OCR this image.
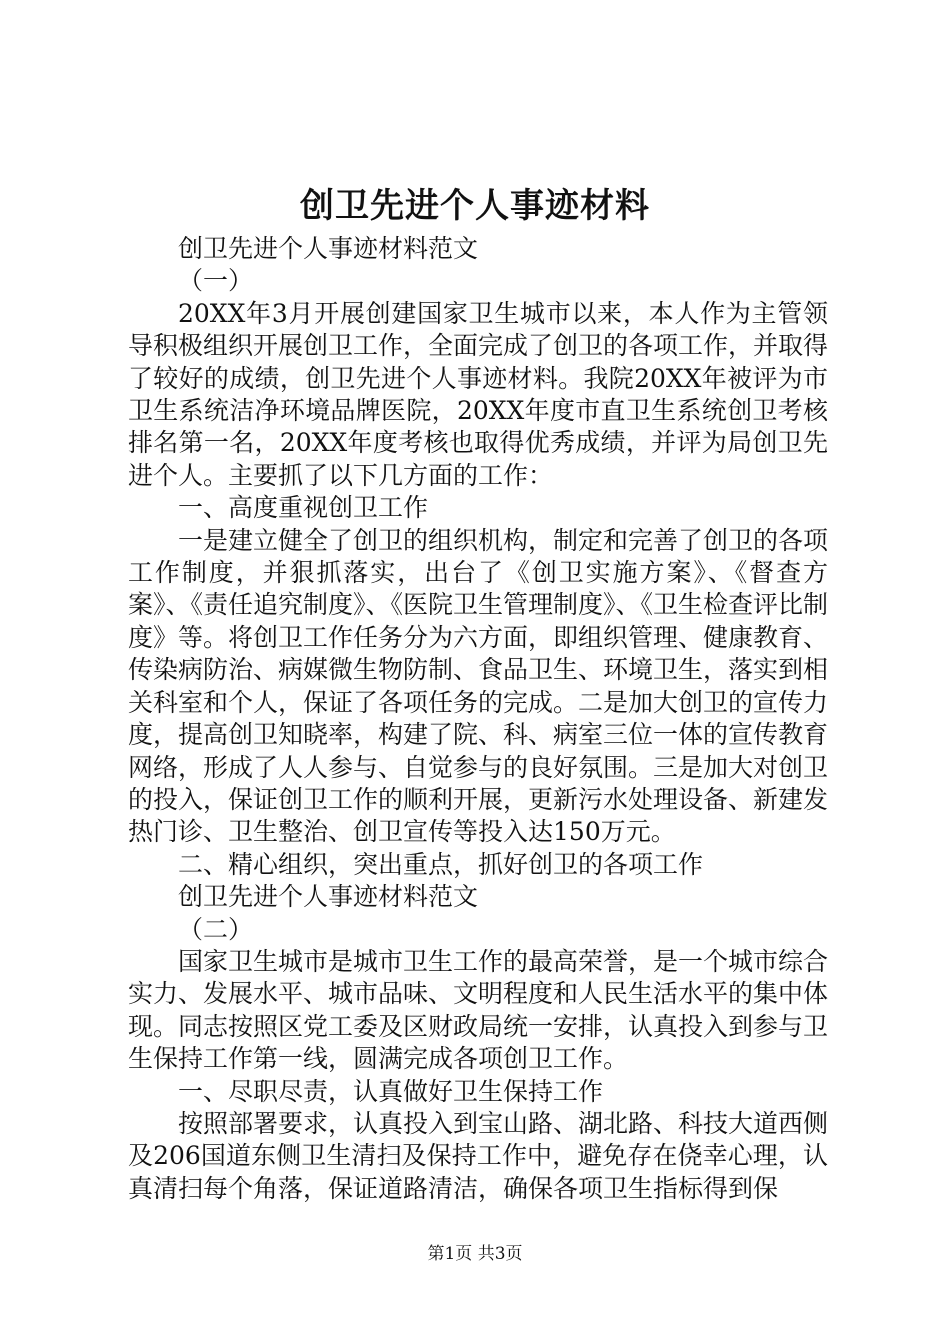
创卫先进个人事迹材料

创卫先进个人事迹材料范文

（一）

20XX年3月开展创建国家卫生城市以来，本人作为主管领导积极组织开展创卫工作，全面完成了创卫的各项工作，并取得了较好的成绩，创卫先进个人事迹材料。我院20XX年被评为市卫生系统洁净环境品牌医院，20XX年度市直卫生系统创卫考核排名第一名，20XX年度考核也取得优秀成绩，并评为局创卫先进个人。主要抓了以下几方面的工作：

一、高度重视创卫工作

一是建立健全了创卫的组织机构，制定和完善了创卫的各项工作制度，并狠抓落实，出台了《创卫实施方案》、《督查方案》、《责任追究制度》、《医院卫生管理制度》、《卫生检查评比制度》等。将创卫工作任务分为六方面，即组织管理、健康教育、传染病防治、病媒微生物防制、食品卫生、环境卫生，落实到相关科室和个人，保证了各项任务的完成。二是加大创卫的宣传力度，提高创卫知晓率，构建了院、科、病室三位一体的宣传教育网络，形成了人人参与、自觉参与的良好氛围。三是加大对创卫的投入，保证创卫工作的顺利开展，更新污水处理设备、新建发热门诊、卫生整治、创卫宣传等投入达150万元。

二、精心组织，突出重点，抓好创卫的各项工作

创卫先进个人事迹材料范文

（二）

国家卫生城市是城市卫生工作的最高荣誉，是一个城市综合实力、发展水平、城市品味、文明程度和人民生活水平的集中体现。同志按照区党工委及区财政局统一安排，认真投入到参与卫生保持工作第一线，圆满完成各项创卫工作。

一、尽职尽责，认真做好卫生保持工作

按照部署要求，认真投入到宝山路、湖北路、科技大道西侧及206国道东侧卫生清扫及保持工作中，避免存在侥幸心理，认真清扫每个角落，保证道路清洁，确保各项卫生指标得到保

第1页 共3页
